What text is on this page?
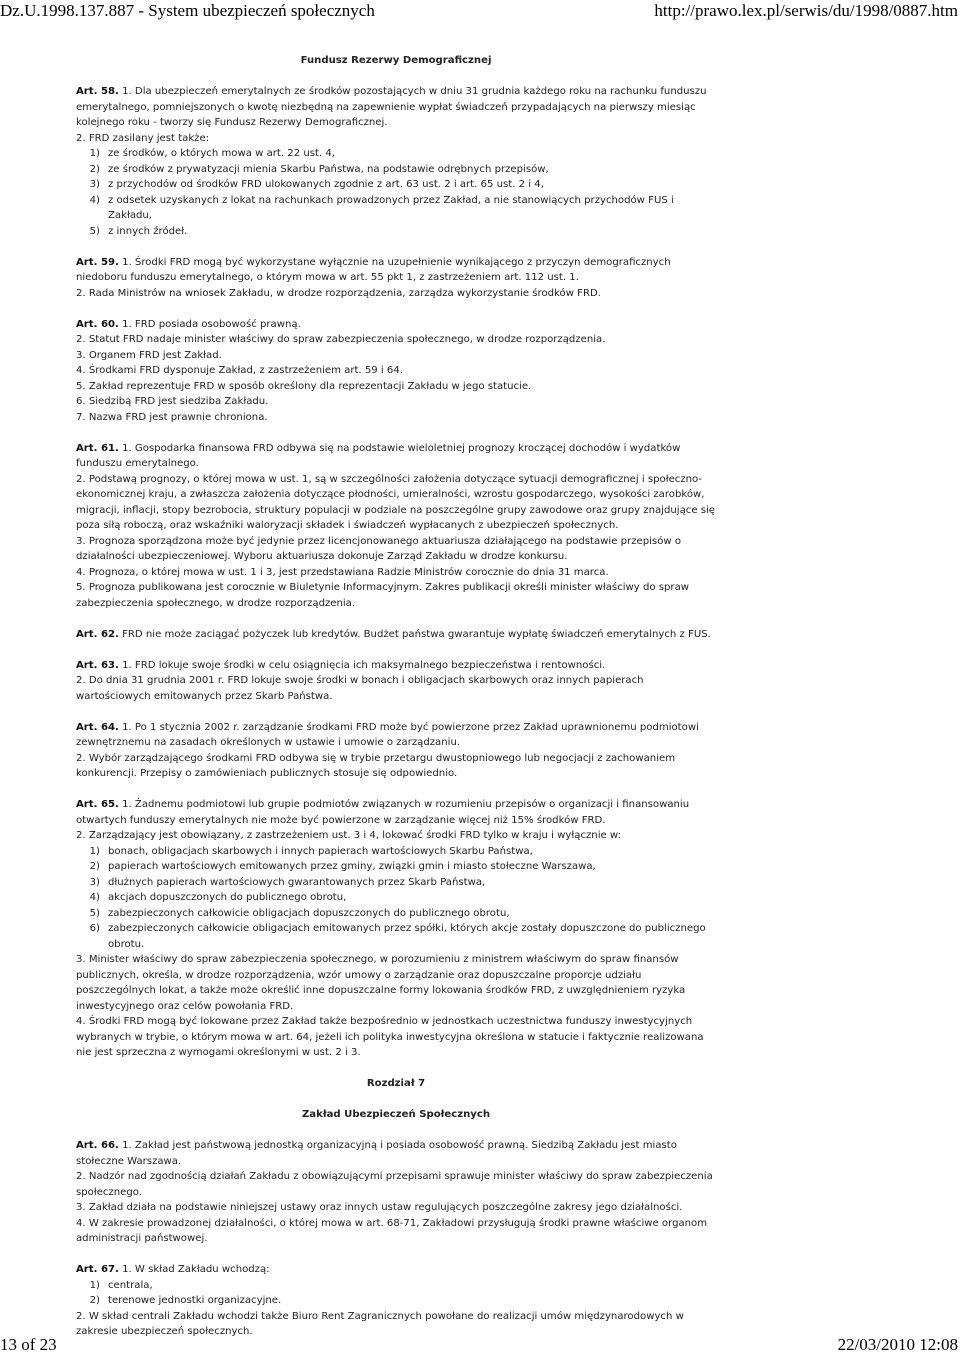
Dz.U.1998.137.887 - System ubezpieczeń społecznych	http://prawo.lex.pl/serwis/du/1998/0887.htm

Fundusz Rezerwy Demograficznej

Art. 58. 1. Dla ubezpieczeń emerytalnych ze środków pozostających w dniu 31 grudnia każdego roku na rachunku funduszu emerytalnego, pomniejszonych o kwotę niezbędną na zapewnienie wypłat świadczeń przypadających na pierwszy miesiąc kolejnego roku - tworzy się Fundusz Rezerwy Demograficznej.

2. FRD zasilany jest także:

1) ze środków, o których mowa w art. 22 ust. 4,
2) ze środków z prywatyzacji mienia Skarbu Państwa, na podstawie odrębnych przepisów,
3) z przychodów od środków FRD ulokowanych zgodnie z art. 63 ust. 2 i art. 65 ust. 2 i 4,
4) z odsetek uzyskanych z lokat na rachunkach prowadzonych przez Zakład, a nie stanowiących przychodów FUS i Zakładu,
5) z innych źródeł.

Art. 59. 1. Środki FRD mogą być wykorzystane wyłącznie na uzupełnienie wynikającego z przyczyn demograficznych niedoboru funduszu emerytalnego, o którym mowa w art. 55 pkt 1, z zastrzeżeniem art. 112 ust. 1.

2. Rada Ministrów na wniosek Zakładu, w drodze rozporządzenia, zarządza wykorzystanie środków FRD.

Art. 60. 1. FRD posiada osobowość prawną.

2. Statut FRD nadaje minister właściwy do spraw zabezpieczenia społecznego, w drodze rozporządzenia.

3. Organem FRD jest Zakład.

4. Środkami FRD dysponuje Zakład, z zastrzeżeniem art. 59 i 64.

5. Zakład reprezentuje FRD w sposób określony dla reprezentacji Zakładu w jego statucie.

6. Siedzibą FRD jest siedziba Zakładu.

7. Nazwa FRD jest prawnie chroniona.

Art. 61. 1. Gospodarka finansowa FRD odbywa się na podstawie wieloletniej prognozy kroczącej dochodów i wydatków funduszu emerytalnego.

2. Podstawą prognozy, o której mowa w ust. 1, są w szczególności założenia dotyczące sytuacji demograficznej i społeczno-ekonomicznej kraju, a zwłaszcza założenia dotyczące płodności, umieralności, wzrostu gospodarczego, wysokości zarobków, migracji, inflacji, stopy bezrobocia, struktury populacji w podziale na poszczególne grupy zawodowe oraz grupy znajdujące się poza siłą roboczą, oraz wskaźniki waloryzacji składek i świadczeń wypłacanych z ubezpieczeń społecznych.

3. Prognoza sporządzona może być jedynie przez licencjonowanego aktuariusza działającego na podstawie przepisów o działalności ubezpieczeniowej. Wyboru aktuariusza dokonuje Zarząd Zakładu w drodze konkursu.

4. Prognoza, o której mowa w ust. 1 i 3, jest przedstawiana Radzie Ministrów corocznie do dnia 31 marca.

5. Prognoza publikowana jest corocznie w Biuletynie Informacyjnym. Zakres publikacji określi minister właściwy do spraw zabezpieczenia społecznego, w drodze rozporządzenia.

Art. 62. FRD nie może zaciągać pożyczek lub kredytów. Budżet państwa gwarantuje wypłatę świadczeń emerytalnych z FUS.

Art. 63. 1. FRD lokuje swoje środki w celu osiągnięcia ich maksymalnego bezpieczeństwa i rentowności.

2. Do dnia 31 grudnia 2001 r. FRD lokuje swoje środki w bonach i obligacjach skarbowych oraz innych papierach wartościowych emitowanych przez Skarb Państwa.

Art. 64. 1. Po 1 stycznia 2002 r. zarządzanie środkami FRD może być powierzone przez Zakład uprawnionemu podmiotowi zewnętrznemu na zasadach określonych w ustawie i umowie o zarządzaniu.

2. Wybór zarządzającego środkami FRD odbywa się w trybie przetargu dwustopniowego lub negocjacji z zachowaniem konkurencji. Przepisy o zamówieniach publicznych stosuje się odpowiednio.

Art. 65. 1. Żadnemu podmiotowi lub grupie podmiotów związanych w rozumieniu przepisów o organizacji i finansowaniu otwartych funduszy emerytalnych nie może być powierzone w zarządzanie więcej niż 15% środków FRD.

2. Zarządzający jest obowiązany, z zastrzeżeniem ust. 3 i 4, lokować środki FRD tylko w kraju i wyłącznie w:

1) bonach, obligacjach skarbowych i innych papierach wartościowych Skarbu Państwa,
2) papierach wartościowych emitowanych przez gminy, związki gmin i miasto stołeczne Warszawa,
3) dłużnych papierach wartościowych gwarantowanych przez Skarb Państwa,
4) akcjach dopuszczonych do publicznego obrotu,
5) zabezpieczonych całkowicie obligacjach dopuszczonych do publicznego obrotu,
6) zabezpieczonych całkowicie obligacjach emitowanych przez spółki, których akcje zostały dopuszczone do publicznego obrotu.

3. Minister właściwy do spraw zabezpieczenia społecznego, w porozumieniu z ministrem właściwym do spraw finansów publicznych, określa, w drodze rozporządzenia, wzór umowy o zarządzanie oraz dopuszczalne proporcje udziału poszczególnych lokat, a także może określić inne dopuszczalne formy lokowania środków FRD, z uwzględnieniem ryzyka inwestycyjnego oraz celów powołania FRD.

4. Środki FRD mogą być lokowane przez Zakład także bezpośrednio w jednostkach uczestnictwa funduszy inwestycyjnych wybranych w trybie, o którym mowa w art. 64, jeżeli ich polityka inwestycyjna określona w statucie i faktycznie realizowana nie jest sprzeczna z wymogami określonymi w ust. 2 i 3.

Rozdział 7

Zakład Ubezpieczeń Społecznych

Art. 66. 1. Zakład jest państwową jednostką organizacyjną i posiada osobowość prawną. Siedzibą Zakładu jest miasto stołeczne Warszawa.

2. Nadzór nad zgodnością działań Zakładu z obowiązującymi przepisami sprawuje minister właściwy do spraw zabezpieczenia społecznego.

3. Zakład działa na podstawie niniejszej ustawy oraz innych ustaw regulujących poszczególne zakresy jego działalności.

4. W zakresie prowadzonej działalności, o której mowa w art. 68-71, Zakładowi przysługują środki prawne właściwe organom administracji państwowej.

Art. 67. 1. W skład Zakładu wchodzą:

1) centrala,
2) terenowe jednostki organizacyjne.

2. W skład centrali Zakładu wchodzi także Biuro Rent Zagranicznych powołane do realizacji umów międzynarodowych w zakresie ubezpieczeń społecznych.

13 of 23	22/03/2010 12:08
